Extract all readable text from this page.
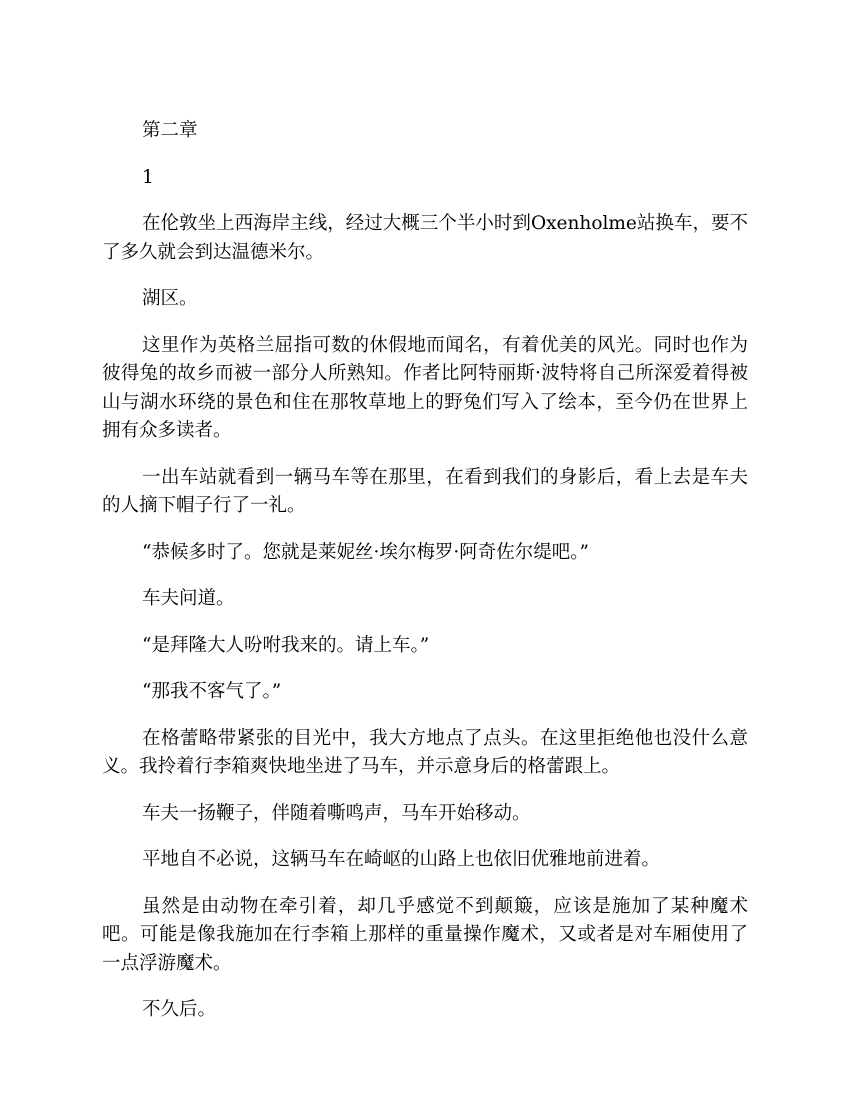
第二章

1

在伦敦坐上西海岸主线，经过大概三个半小时到Oxenholme站换车，要不了多久就会到达温德米尔。

湖区。

这里作为英格兰屈指可数的休假地而闻名，有着优美的风光。同时也作为彼得兔的故乡而被一部分人所熟知。作者比阿特丽斯·波特将自己所深爱着得被山与湖水环绕的景色和住在那牧草地上的野兔们写入了绘本，至今仍在世界上拥有众多读者。

一出车站就看到一辆马车等在那里，在看到我们的身影后，看上去是车夫的人摘下帽子行了一礼。

“恭候多时了。您就是莱妮丝·埃尔梅罗·阿奇佐尔缇吧。”

车夫问道。

“是拜隆大人吩咐我来的。请上车。”

“那我不客气了。”

在格蕾略带紧张的目光中，我大方地点了点头。在这里拒绝他也没什么意义。我拎着行李箱爽快地坐进了马车，并示意身后的格蕾跟上。

车夫一扬鞭子，伴随着嘶鸣声，马车开始移动。

平地自不必说，这辆马车在崎岖的山路上也依旧优雅地前进着。

虽然是由动物在牵引着，却几乎感觉不到颠簸，应该是施加了某种魔术吧。可能是像我施加在行李箱上那样的重量操作魔术，又或者是对车厢使用了一点浮游魔术。

不久后。
